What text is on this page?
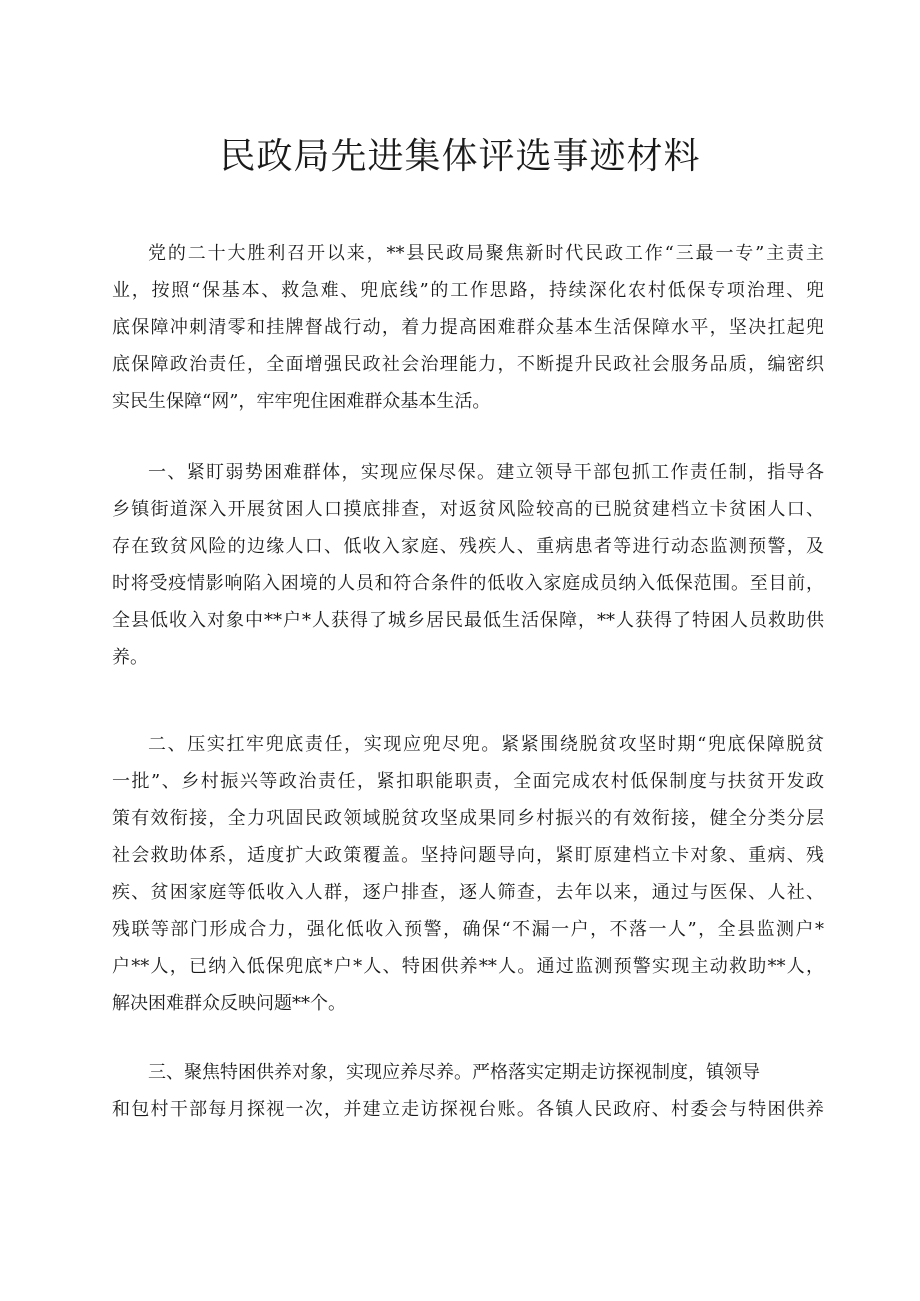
民政局先进集体评选事迹材料
党的二十大胜利召开以来，**县民政局聚焦新时代民政工作“三最一专”主责主
业，按照“保基本、救急难、兜底线”的工作思路，持续深化农村低保专项治理、兜
底保障冲刺清零和挂牌督战行动，着力提高困难群众基本生活保障水平，坚决扛起兜
底保障政治责任，全面增强民政社会治理能力，不断提升民政社会服务品质，编密织
实民生保障“网”，牢牢兜住困难群众基本生活。
一、紧盯弱势困难群体，实现应保尽保。建立领导干部包抓工作责任制，指导各
乡镇街道深入开展贫困人口摸底排查，对返贫风险较高的已脱贫建档立卡贫困人口、
存在致贫风险的边缘人口、低收入家庭、残疾人、重病患者等进行动态监测预警，及
时将受疫情影响陷入困境的人员和符合条件的低收入家庭成员纳入低保范围。至目前，
全县低收入对象中**户*人获得了城乡居民最低生活保障，**人获得了特困人员救助供
养。
二、压实扛牢兜底责任，实现应兜尽兜。紧紧围绕脱贫攻坚时期“兜底保障脱贫
一批”、乡村振兴等政治责任，紧扣职能职责，全面完成农村低保制度与扶贫开发政
策有效衔接，全力巩固民政领域脱贫攻坚成果同乡村振兴的有效衔接，健全分类分层
社会救助体系，适度扩大政策覆盖。坚持问题导向，紧盯原建档立卡对象、重病、残
疾、贫困家庭等低收入人群，逐户排查，逐人筛查，去年以来，通过与医保、人社、
残联等部门形成合力，强化低收入预警，确保“不漏一户，不落一人”，全县监测户*
户**人，已纳入低保兜底*户*人、特困供养**人。通过监测预警实现主动救助**人，
解决困难群众反映问题**个。
三、聚焦特困供养对象，实现应养尽养。严格落实定期走访探视制度，镇领导
和包村干部每月探视一次，并建立走访探视台账。各镇人民政府、村委会与特困供养
